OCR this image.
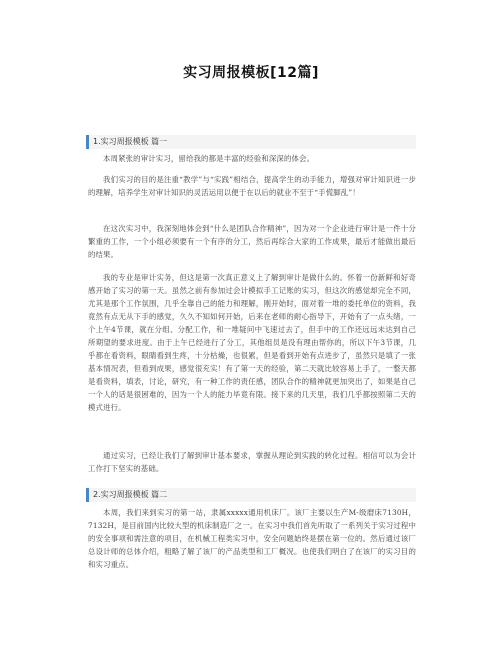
实习周报模板[12篇]
1.实习周报模板 篇一

本周紧张的审计实习，留给我的都是丰富的经验和深深的体会。

我们实习的目的是注重“教学”与“实践”相结合，提高学生的动手能力，增强对审计知识进一步的理解，培养学生对审计知识的灵活运用以便于在以后的就业不至于“手慌脚乱”！

在这次实习中，我深刻地体会到“什么是团队合作精神”，因为对一个企业进行审计是一件十分繁重的工作，一个小组必须要有一个有序的分工，然后再综合大家的工作成果，最后才能做出最后的结果。

我的专业是审计实务，但这是第一次真正意义上了解到审计是做什么的。怀着一份新鲜和好奇感开始了实习的第一天。虽然之前有参加过会计模拟手工记账的实习，但这次的感觉却完全不同，尤其是那个工作氛围，几乎全靠自己的能力和理解，刚开始时，面对着一堆的委托单位的资料，我竟然有点无从下手的感觉，久久不知如何开始，后来在老师的耐心指导下，开始有了一点头绪，一个上午4节课，就在分组、分配工作，和一堆疑问中飞速过去了，但手中的工作还远远未达到自己所期望的要求进度。由于上午已经进行了分工，其他组员是没有理由帮你的，所以下午3节课，几乎都在看资料，眼睛看到生疼，十分枯燥，也很累，但是看到开始有点进步了，虽然只是填了一张基本情况表，但看到成果，感觉很充实！有了第一天的经验，第二天就比较容易上手了，一整天都是看资料，填表，讨论，研究，有一种工作的责任感，团队合作的精神就更加突出了，如果是自己一个人的话是很困难的，因为一个人的能力毕竟有限。接下来的几天里，我们几乎都按照第二天的模式进行。

通过实习，已经让我们了解到审计基本要求，掌握从理论到实践的转化过程。相信可以为会计工作打下坚实的基础。

2.实习周报模板 篇二

本周，我们来到实习的第一站，隶属xxxxx通用机床厂。该厂主要以生产M-级磨床7130H，7132H，是目前国内比较大型的机床制造厂之一。在实习中我们首先听取了一系列关于实习过程中的安全事项和需注意的项目，在机械工程类实习中，安全问题始终是摆在第一位的。然后通过该厂总设计师的总体介绍，粗略了解了该厂的产品类型和工厂概况。也使我们明白了在该厂的实习目的和实习重点。
